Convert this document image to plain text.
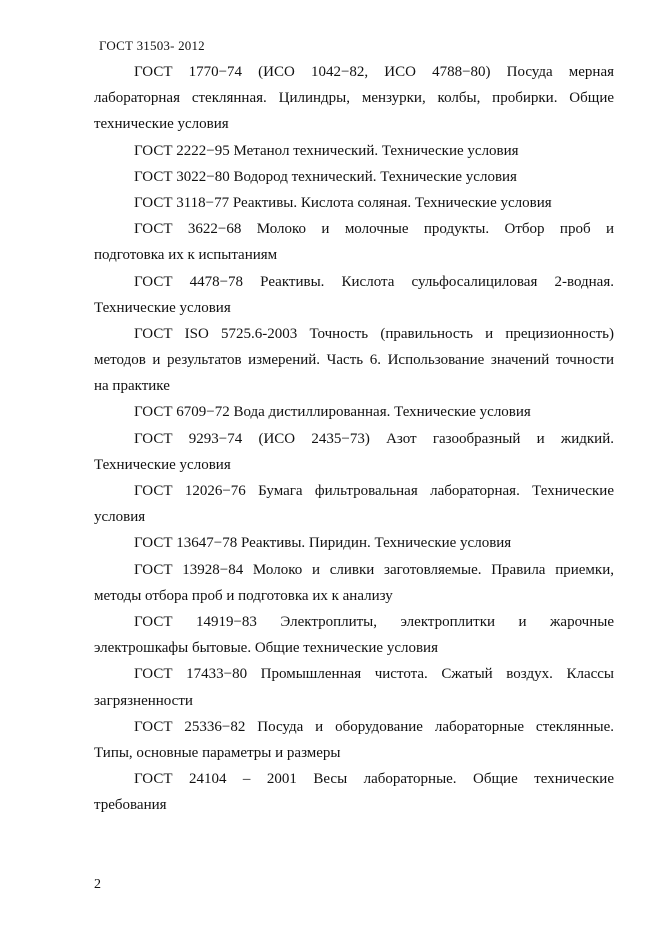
ГОСТ 31503- 2012
ГОСТ 1770−74 (ИСО 1042−82, ИСО 4788−80) Посуда мерная
лабораторная стеклянная. Цилиндры, мензурки, колбы, пробирки. Общие
технические условия
ГОСТ 2222−95 Метанол технический. Технические условия
ГОСТ 3022−80 Водород технический. Технические условия
ГОСТ 3118−77 Реактивы. Кислота соляная. Технические условия
ГОСТ 3622−68 Молоко и молочные продукты. Отбор проб и
подготовка их к испытаниям
ГОСТ 4478−78 Реактивы. Кислота сульфосалициловая 2-водная.
Технические условия
ГОСТ ISO 5725.6-2003 Точность (правильность и прецизионность)
методов и результатов измерений. Часть 6. Использование значений точности
на практике
ГОСТ 6709−72 Вода дистиллированная. Технические условия
ГОСТ 9293−74 (ИСО 2435−73) Азот газообразный и жидкий.
Технические условия
ГОСТ 12026−76 Бумага фильтровальная лабораторная. Технические
условия
ГОСТ 13647−78 Реактивы. Пиридин. Технические условия
ГОСТ 13928−84 Молоко и сливки заготовляемые. Правила приемки,
методы отбора проб и подготовка их к анализу
ГОСТ 14919−83 Электроплиты, электроплитки и жарочные
электрошкафы бытовые. Общие технические условия
ГОСТ 17433−80 Промышленная чистота. Сжатый воздух. Классы
загрязненности
ГОСТ 25336−82 Посуда и оборудование лабораторные стеклянные.
Типы, основные параметры и размеры
ГОСТ 24104 – 2001 Весы лабораторные. Общие технические
требования
2
